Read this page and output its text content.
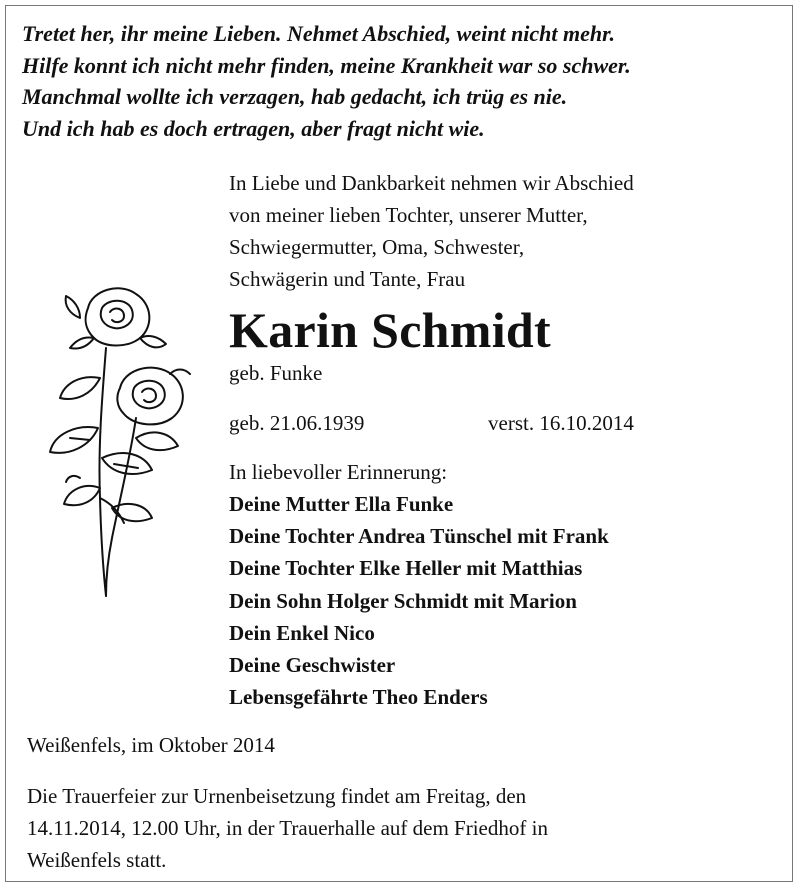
Tretet her, ihr meine Lieben. Nehmet Abschied, weint nicht mehr.
Hilfe konnt ich nicht mehr finden, meine Krankheit war so schwer.
Manchmal wollte ich verzagen, hab gedacht, ich trüg es nie.
Und ich hab es doch ertragen, aber fragt nicht wie.
In Liebe und Dankbarkeit nehmen wir Abschied
von meiner lieben Tochter, unserer Mutter,
Schwiegermutter, Oma, Schwester,
Schwägerin und Tante, Frau
Karin Schmidt
geb. Funke
geb. 21.06.1939	verst. 16.10.2014
In liebevoller Erinnerung:
Deine Mutter Ella Funke
Deine Tochter Andrea Tünschel mit Frank
Deine Tochter Elke Heller mit Matthias
Dein Sohn Holger Schmidt mit Marion
Dein Enkel Nico
Deine Geschwister
Lebensgefährte Theo Enders
Weißenfels, im Oktober 2014
Die Trauerfeier zur Urnenbeisetzung findet am Freitag, den
14.11.2014, 12.00 Uhr, in der Trauerhalle auf dem Friedhof in
Weißenfels statt.
